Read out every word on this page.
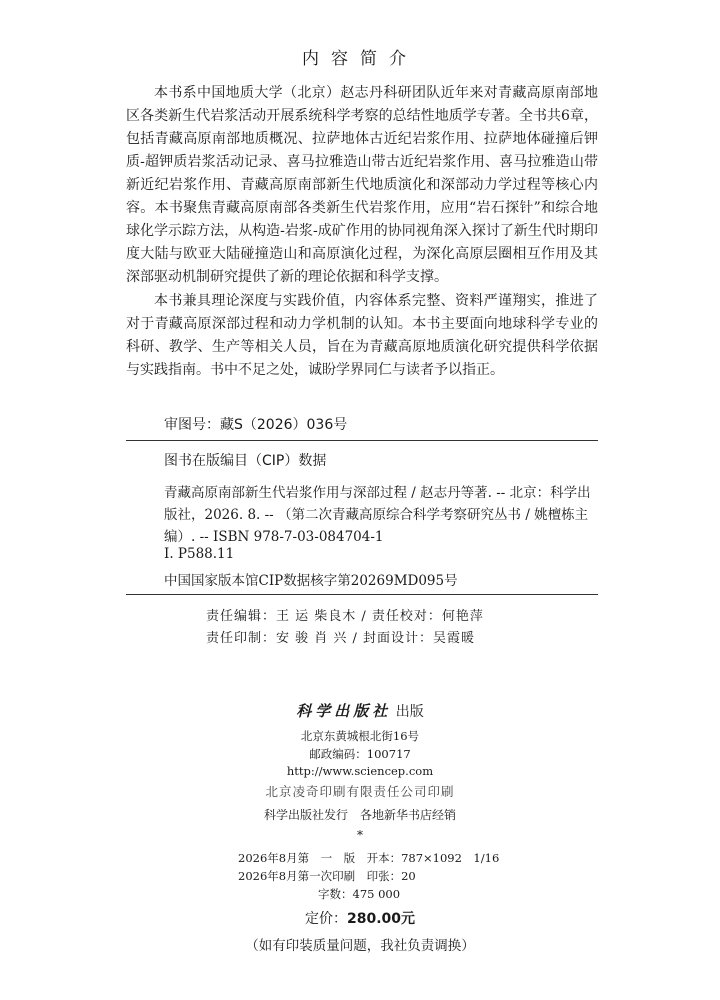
内容简介

本书系中国地质大学（北京）赵志丹科研团队近年来对青藏高原南部地区各类新生代岩浆活动开展系统科学考察的总结性地质学专著。全书共6章，包括青藏高原南部地质概况、拉萨地体古近纪岩浆作用、拉萨地体碰撞后钾质-超钾质岩浆活动记录、喜马拉雅造山带古近纪岩浆作用、喜马拉雅造山带新近纪岩浆作用、青藏高原南部新生代地质演化和深部动力学过程等核心内容。本书聚焦青藏高原南部各类新生代岩浆作用，应用“岩石探针”和综合地球化学示踪方法，从构造-岩浆-成矿作用的协同视角深入探讨了新生代时期印度大陆与欧亚大陆碰撞造山和高原演化过程，为深化高原层圈相互作用及其深部驱动机制研究提供了新的理论依据和科学支撑。

本书兼具理论深度与实践价值，内容体系完整、资料严谨翔实，推进了对于青藏高原深部过程和动力学机制的认知。本书主要面向地球科学专业的科研、教学、生产等相关人员，旨在为青藏高原地质演化研究提供科学依据与实践指南。书中不足之处，诚盼学界同仁与读者予以指正。

审图号：藏S（2026）036号
图书在版编目（CIP）数据
青藏高原南部新生代岩浆作用与深部过程 / 赵志丹等著. -- 北京：科学出版社，2026. 8. -- （第二次青藏高原综合科学考察研究丛书 / 姚檀栋主编）. -- ISBN 978-7-03-084704-1
Ⅰ. P588.11
中国国家版本馆CIP数据核字第20269MD095号
责任编辑：王 运 柴良木 / 责任校对：何艳萍
责任印制：安 骏 肖 兴 / 封面设计：吴霞暖
科学出版社 出版
北京东黄城根北街16号
邮政编码：100717
http://www.sciencep.com
北京凌奇印刷有限责任公司印刷
科学出版社发行　各地新华书店经销
*
2026年8月第　一　版　开本：787×1092　1/16
2026年8月第一次印刷　印张：20
字数：475 000
定价：280.00元
（如有印装质量问题，我社负责调换）
